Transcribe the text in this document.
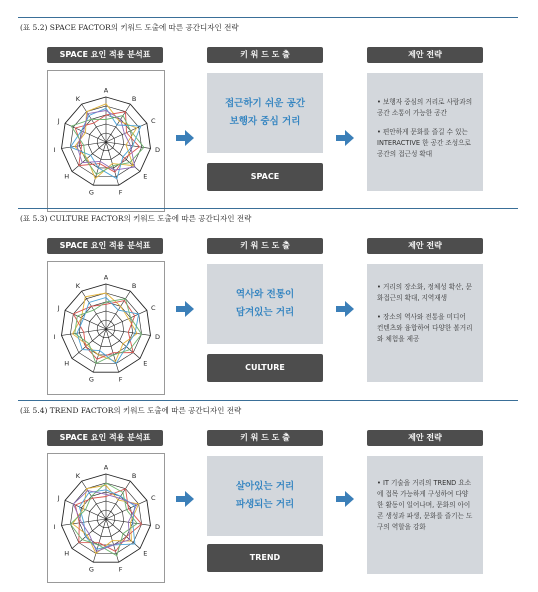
(표 5.2) SPACE FACTOR의 키워드 도출에 따른 공간디자인 전략
SPACE 요인 적용 분석표
A
B
C
D
E
F
G
H
I
J
K
키 워 드 도 출
접근하기 쉬운 공간
보행자 중심 거리
SPACE
제안 전략

• 보행자 중심의 거리로 사람과의 공간 소통이 가능한 공간

• 편안하게 문화를 즐길 수 있는 INTERACTIVE 한 공간 조성으로 공간의 접근성 확대

(표 5.3) CULTURE FACTOR의 키워드 도출에 따른 공간디자인 전략
SPACE 요인 적용 분석표
A
B
C
D
E
F
G
H
I
J
K
키 워 드 도 출
역사와 전통이
담겨있는 거리
CULTURE
제안 전략

• 거리의 장소화, 정체성 확산, 문화접근의 확대, 지역재생

• 장소의 역사와 전통을 미디어 컨텐츠와 융합하여 다양한 볼거리와 체험을 제공

(표 5.4) TREND FACTOR의 키워드 도출에 따른 공간디자인 전략
SPACE 요인 적용 분석표
A
B
C
D
E
F
G
H
I
J
K
키 워 드 도 출
살아있는 거리
파생되는 거리
TREND
제안 전략

• IT 기술을 거리의 TREND 요소에 접목 가능하게 구성하여 다양한 활동이 일어나며, 문화의 아이콘 생성과 파생, 문화를 즐기는 도구의 역할을 강화
